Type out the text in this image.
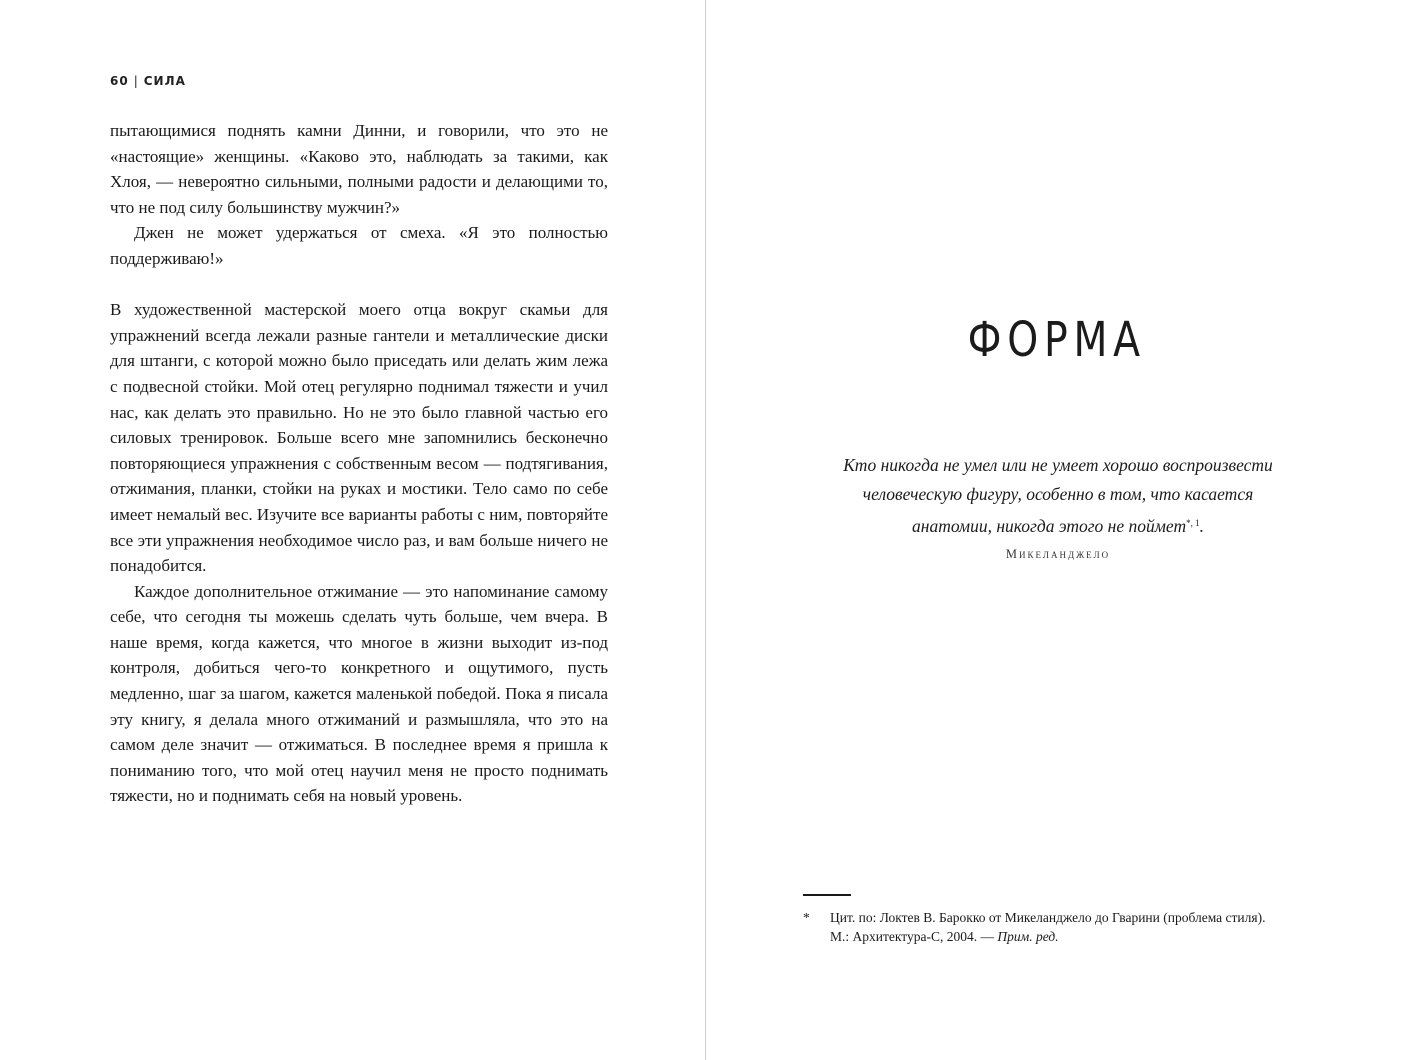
60 | СИЛА

пытающимися поднять камни Динни, и говорили, что это не «настоящие» женщины. «Каково это, наблюдать за такими, как Хлоя, — невероятно сильными, полными радости и делающими то, что не под силу большинству мужчин?»

Джен не может удержаться от смеха. «Я это полностью поддерживаю!»

В художественной мастерской моего отца вокруг скамьи для упражнений всегда лежали разные гантели и металлические диски для штанги, с которой можно было приседать или делать жим лежа с подвесной стойки. Мой отец регулярно поднимал тяжести и учил нас, как делать это правильно. Но не это было главной частью его силовых тренировок. Больше всего мне запомнились бесконечно повторяющиеся упражнения с собственным весом — подтягивания, отжимания, планки, стойки на руках и мостики. Тело само по себе имеет немалый вес. Изучите все варианты работы с ним, повторяйте все эти упражнения необходимое число раз, и вам больше ничего не понадобится.

Каждое дополнительное отжимание — это напоминание самому себе, что сегодня ты можешь сделать чуть больше, чем вчера. В наше время, когда кажется, что многое в жизни выходит из-под контроля, добиться чего-то конкретного и ощутимого, пусть медленно, шаг за шагом, кажется маленькой победой. Пока я писала эту книгу, я делала много отжиманий и размышляла, что это на самом деле значит — отжиматься. В последнее время я пришла к пониманию того, что мой отец научил меня не просто поднимать тяжести, но и поднимать себя на новый уровень.

ФОРМА
Кто никогда не умел или не умеет хорошо воспроизвести
человеческую фигуру, особенно в том, что касается
анатомии, никогда этого не поймет$^{*, 1}$.
Микеланджело
* Цит. по: Локтев В. Барокко от Микеланджело до Гварини (проблема стиля).
М.: Архитектура-С, 2004. — Прим. ред.
